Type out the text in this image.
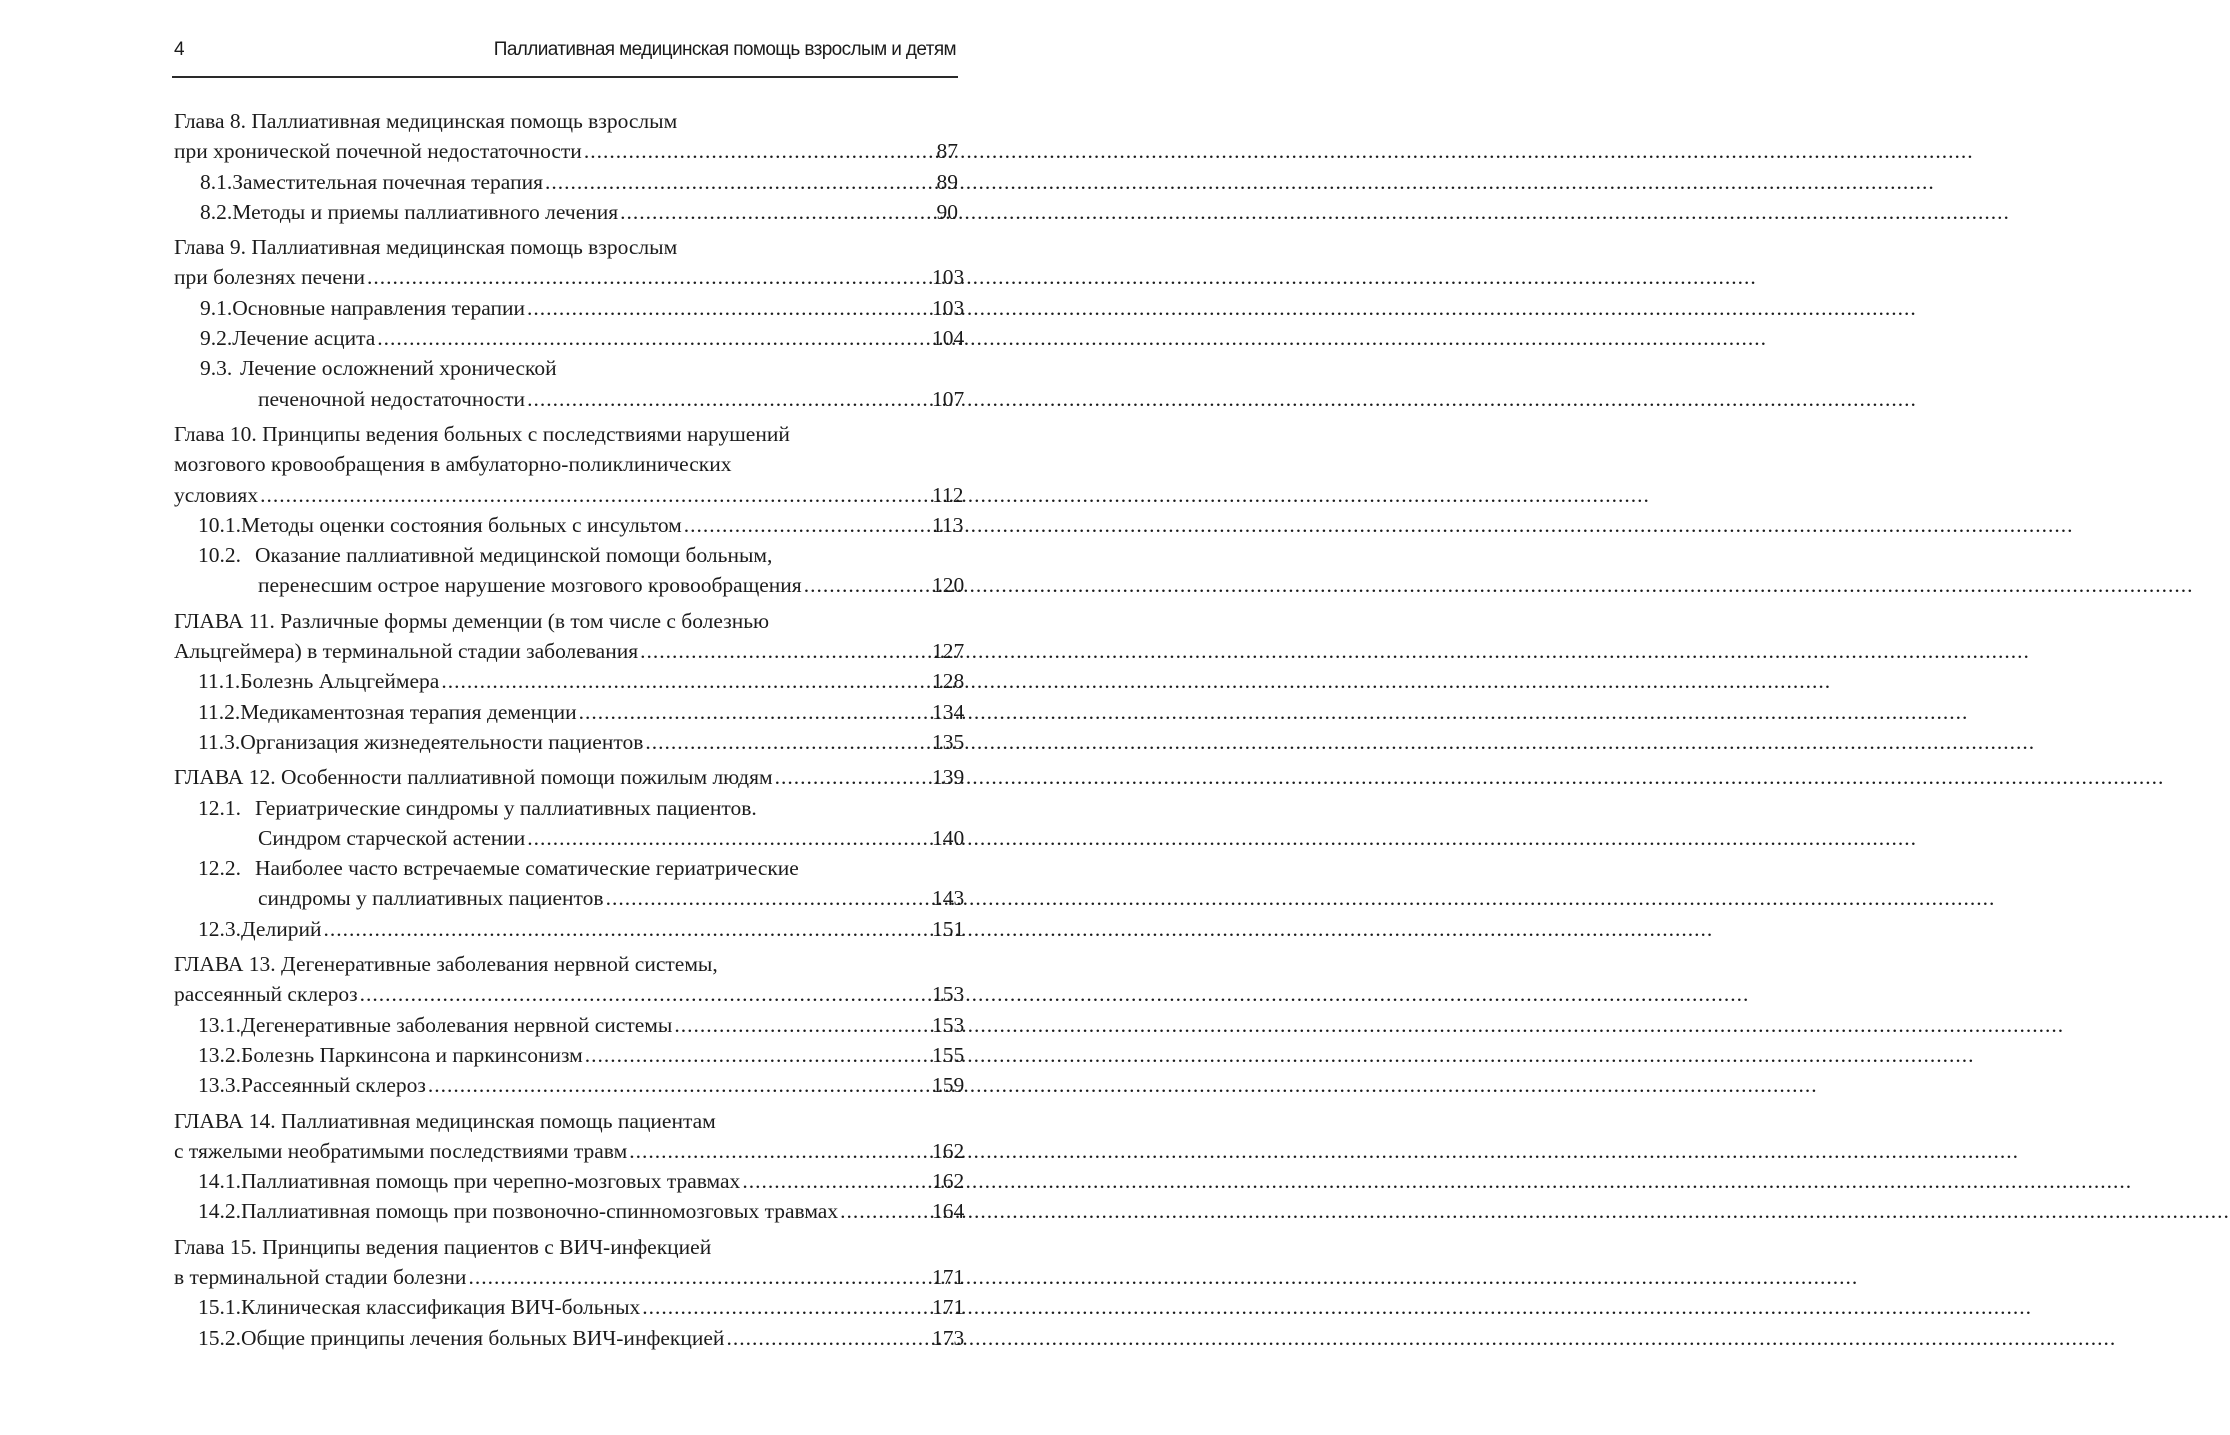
4	Паллиативная медицинская помощь взрослым и детям
Глава 8. Паллиативная медицинская помощь взрослым
при хронической почечной недостаточности .....	87
8.1. Заместительная почечная терапия .....	89
8.2. Методы и приемы паллиативного лечения .....	90
Глава 9. Паллиативная медицинская помощь взрослым
при болезнях печени .....	103
9.1. Основные направления терапии .....	103
9.2. Лечение асцита .....	104
9.3. Лечение осложнений хронической
печеночной недостаточности .....	107
Глава 10. Принципы ведения больных с последствиями нарушений
мозгового кровообращения в амбулаторно-поликлинических
условиях .....	112
10.1. Методы оценки состояния больных с инсультом .....	113
10.2. Оказание паллиативной медицинской помощи больным,
перенесшим острое нарушение мозгового кровообращения .....	120
ГЛАВА 11. Различные формы деменции (в том числе с болезнью
Альцгеймера) в терминальной стадии заболевания .....	127
11.1. Болезнь Альцгеймера .....	128
11.2. Медикаментозная терапия деменции .....	134
11.3. Организация жизнедеятельности пациентов .....	135
ГЛАВА 12. Особенности паллиативной помощи пожилым людям .....	139
12.1. Гериатрические синдромы у паллиативных пациентов.
Синдром старческой астении .....	140
12.2. Наиболее часто встречаемые соматические гериатрические
синдромы у паллиативных пациентов .....	143
12.3. Делирий .....	151
ГЛАВА 13. Дегенеративные заболевания нервной системы,
рассеянный склероз .....	153
13.1. Дегенеративные заболевания нервной системы .....	153
13.2. Болезнь Паркинсона и паркинсонизм .....	155
13.3. Рассеянный склероз .....	159
ГЛАВА 14. Паллиативная медицинская помощь пациентам
с тяжелыми необратимыми последствиями травм .....	162
14.1. Паллиативная помощь при черепно-мозговых травмах .....	162
14.2. Паллиативная помощь при позвоночно-спинномозговых травмах .....	164
Глава 15. Принципы ведения пациентов с ВИЧ-инфекцией
в терминальной стадии болезни .....	171
15.1. Клиническая классификация ВИЧ-больных .....	171
15.2. Общие принципы лечения больных ВИЧ-инфекцией .....	173
